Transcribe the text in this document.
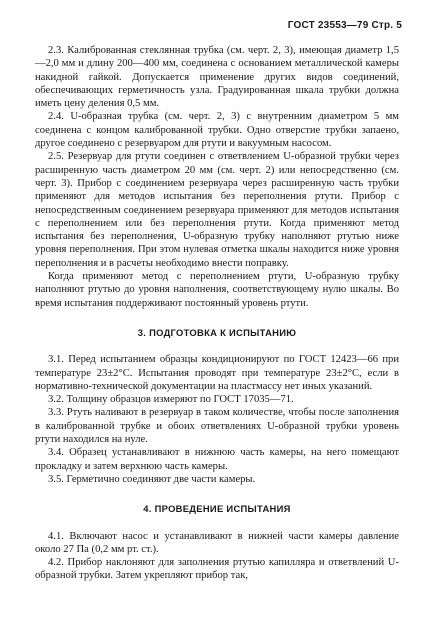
ГОСТ 23553—79 Стр. 5

2.3. Калиброванная стеклянная трубка (см. черт. 2, 3), имеющая диаметр 1,5—2,0 мм и длину 200—400 мм, соединена с основанием металлической камеры накидной гайкой. Допускается применение других видов соединений, обеспечивающих герметичность узла. Градуированная шкала трубки должна иметь цену деления 0,5 мм.

2.4. U-образная трубка (см. черт. 2, 3) с внутренним диаметром 5 мм соединена с концом калиброванной трубки. Одно отверстие трубки запаено, другое соединено с резервуаром для ртути и вакуумным насосом.

2.5. Резервуар для ртути соединен с ответвлением U-образной трубки через расширенную часть диаметром 20 мм (см. черт. 2) или непосредственно (см. черт. 3). Прибор с соединением резервуара через расширенную часть трубки применяют для методов испытания без переполнения ртути. Прибор с непосредственным соединением резервуара применяют для методов испытания с переполнением или без переполнения ртути. Когда применяют метод испытания без переполнения, U-образную трубку наполняют ртутью ниже уровня переполнения. При этом нулевая отметка шкалы находится ниже уровня переполнения и в расчеты необходимо внести поправку.

Когда применяют метод с переполнением ртути, U-образную трубку наполняют ртутью до уровня наполнения, соответствующему нулю шкалы. Во время испытания поддерживают постоянный уровень ртути.

3. ПОДГОТОВКА К ИСПЫТАНИЮ

3.1. Перед испытанием образцы кондиционируют по ГОСТ 12423—66 при температуре 23±2°С. Испытания проводят при температуре 23±2°С, если в нормативно-технической документации на пластмассу нет иных указаний.

3.2. Толщину образцов измеряют по ГОСТ 17035—71.

3.3. Ртуть наливают в резервуар в таком количестве, чтобы после заполнения в калиброванной трубке и обоих ответвлениях U-образной трубки уровень ртути находился на нуле.

3.4. Образец устанавливают в нижнюю часть камеры, на него помещают прокладку и затем верхнюю часть камеры.

3.5. Герметично соединяют две части камеры.

4. ПРОВЕДЕНИЕ ИСПЫТАНИЯ

4.1. Включают насос и устанавливают в нижней части камеры давление около 27 Па (0,2 мм рт. ст.).

4.2. Прибор наклоняют для заполнения ртутью капилляра и ответвлений U-образной трубки. Затем укрепляют прибор так,
